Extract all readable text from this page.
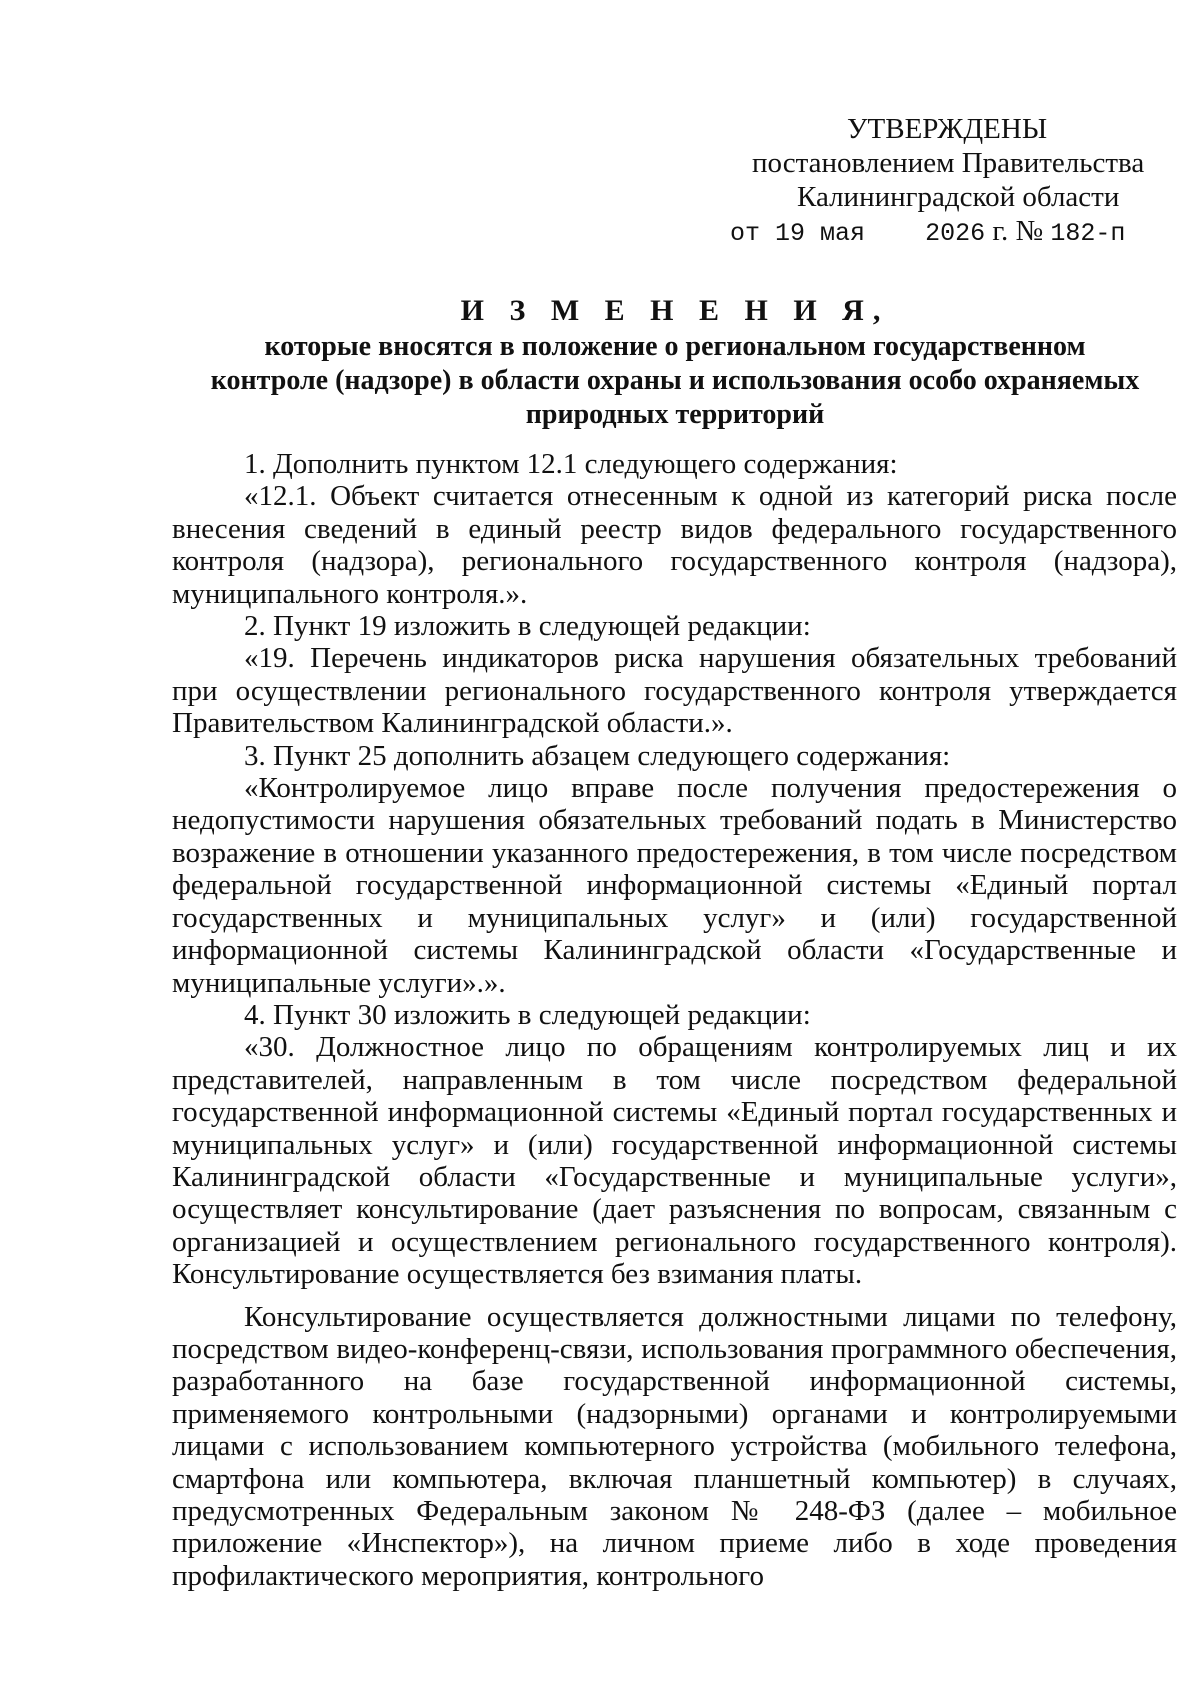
УТВЕРЖДЕНЫ
постановлением Правительства
Калининградской области
от 19 мая 2026 г. № 182-п
И З М Е Н Е Н И Я,
которые вносятся в положение о региональном государственном
контроле (надзоре) в области охраны и использования особо охраняемых
природных территорий

1. Дополнить пунктом 12.1 следующего содержания:

«12.1. Объект считается отнесенным к одной из категорий риска после внесения сведений в единый реестр видов федерального государственного контроля (надзора), регионального государственного контроля (надзора), муниципального контроля.».

2. Пункт 19 изложить в следующей редакции:

«19. Перечень индикаторов риска нарушения обязательных требований при осуществлении регионального государственного контроля утверждается Правительством Калининградской области.».

3. Пункт 25 дополнить абзацем следующего содержания:

«Контролируемое лицо вправе после получения предостережения о недопустимости нарушения обязательных требований подать в Министерство возражение в отношении указанного предостережения, в том числе посредством федеральной государственной информационной системы «Единый портал государственных и муниципальных услуг» и (или) государственной информационной системы Калининградской области «Государственные и муниципальные услуги».».

4. Пункт 30 изложить в следующей редакции:

«30. Должностное лицо по обращениям контролируемых лиц и их представителей, направленным в том числе посредством федеральной государственной информационной системы «Единый портал государственных и муниципальных услуг» и (или) государственной информационной системы Калининградской области «Государственные и муниципальные услуги», осуществляет консультирование (дает разъяснения по вопросам, связанным с организацией и осуществлением регионального государственного контроля). Консультирование осуществляется без взимания платы.

Консультирование осуществляется должностными лицами по телефону, посредством видео-конференц-связи, использования программного обеспечения, разработанного на базе государственной информационной системы, применяемого контрольными (надзорными) органами и контролируемыми лицами с использованием компьютерного устройства (мобильного телефона, смартфона или компьютера, включая планшетный компьютер) в случаях, предусмотренных Федеральным законом № 248-ФЗ (далее – мобильное приложение «Инспектор»), на личном приеме либо в ходе проведения профилактического мероприятия, контрольного
